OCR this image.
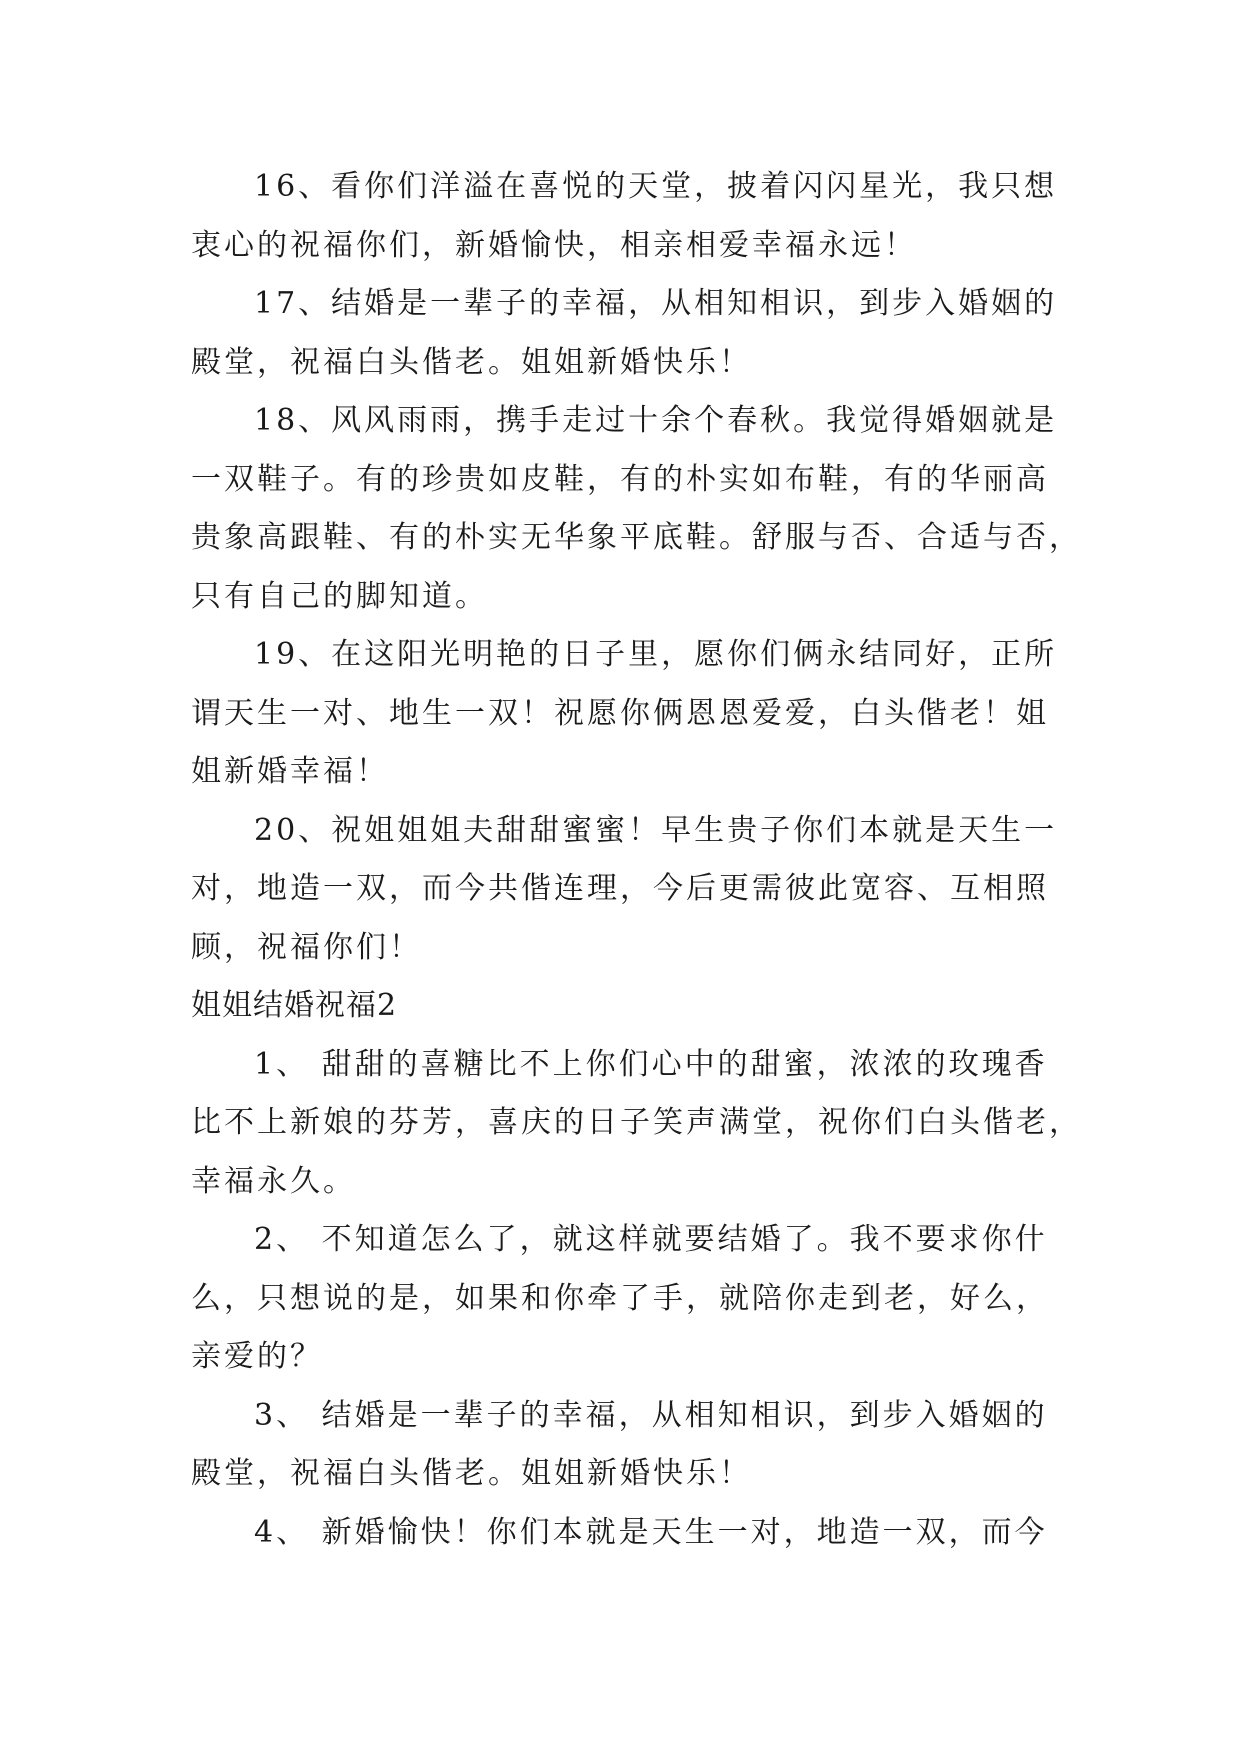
16、看你们洋溢在喜悦的天堂，披着闪闪星光，我只想
衷心的祝福你们，新婚愉快，相亲相爱幸福永远！
17、结婚是一辈子的幸福，从相知相识，到步入婚姻的
殿堂，祝福白头偕老。姐姐新婚快乐！
18、风风雨雨，携手走过十余个春秋。我觉得婚姻就是
一双鞋子。有的珍贵如皮鞋，有的朴实如布鞋，有的华丽高
贵象高跟鞋、有的朴实无华象平底鞋。舒服与否、合适与否，
只有自己的脚知道。
19、在这阳光明艳的日子里，愿你们俩永结同好，正所
谓天生一对、地生一双！祝愿你俩恩恩爱爱，白头偕老！姐
姐新婚幸福！
20、祝姐姐姐夫甜甜蜜蜜！早生贵子你们本就是天生一
对，地造一双，而今共偕连理，今后更需彼此宽容、互相照
顾，祝福你们！
姐姐结婚祝福2
1、 甜甜的喜糖比不上你们心中的甜蜜，浓浓的玫瑰香
比不上新娘的芬芳，喜庆的日子笑声满堂，祝你们白头偕老，
幸福永久。
2、 不知道怎么了，就这样就要结婚了。我不要求你什
么，只想说的是，如果和你牵了手，就陪你走到老，好么，
亲爱的？
3、 结婚是一辈子的幸福，从相知相识，到步入婚姻的
殿堂，祝福白头偕老。姐姐新婚快乐！
4、 新婚愉快！你们本就是天生一对，地造一双，而今
